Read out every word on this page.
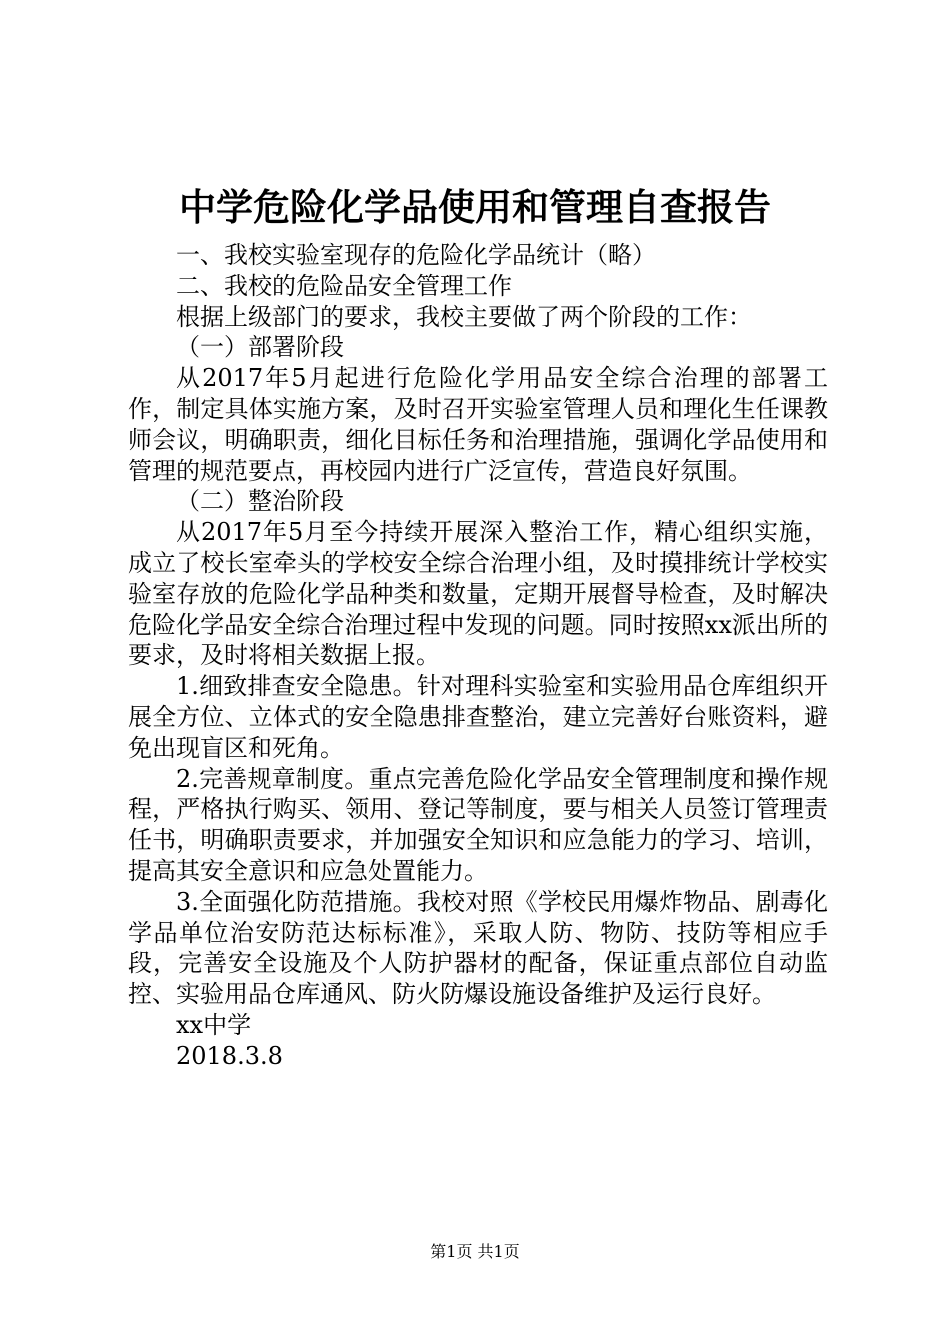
中学危险化学品使用和管理自查报告

一、我校实验室现存的危险化学品统计（略）

二、我校的危险品安全管理工作

根据上级部门的要求，我校主要做了两个阶段的工作：

（一）部署阶段

从2017年5月起进行危险化学用品安全综合治理的部署工作，制定具体实施方案，及时召开实验室管理人员和理化生任课教师会议，明确职责，细化目标任务和治理措施，强调化学品使用和管理的规范要点，再校园内进行广泛宣传，营造良好氛围。

（二）整治阶段

从2017年5月至今持续开展深入整治工作，精心组织实施，成立了校长室牵头的学校安全综合治理小组，及时摸排统计学校实验室存放的危险化学品种类和数量，定期开展督导检查，及时解决危险化学品安全综合治理过程中发现的问题。同时按照xx派出所的要求，及时将相关数据上报。

1.细致排查安全隐患。针对理科实验室和实验用品仓库组织开展全方位、立体式的安全隐患排查整治，建立完善好台账资料，避免出现盲区和死角。

2.完善规章制度。重点完善危险化学品安全管理制度和操作规程，严格执行购买、领用、登记等制度，要与相关人员签订管理责任书，明确职责要求，并加强安全知识和应急能力的学习、培训，提高其安全意识和应急处置能力。

3.全面强化防范措施。我校对照《学校民用爆炸物品、剧毒化学品单位治安防范达标标准》，采取人防、物防、技防等相应手段，完善安全设施及个人防护器材的配备，保证重点部位自动监控、实验用品仓库通风、防火防爆设施设备维护及运行良好。

xx中学

2018.3.8

第1页 共1页
